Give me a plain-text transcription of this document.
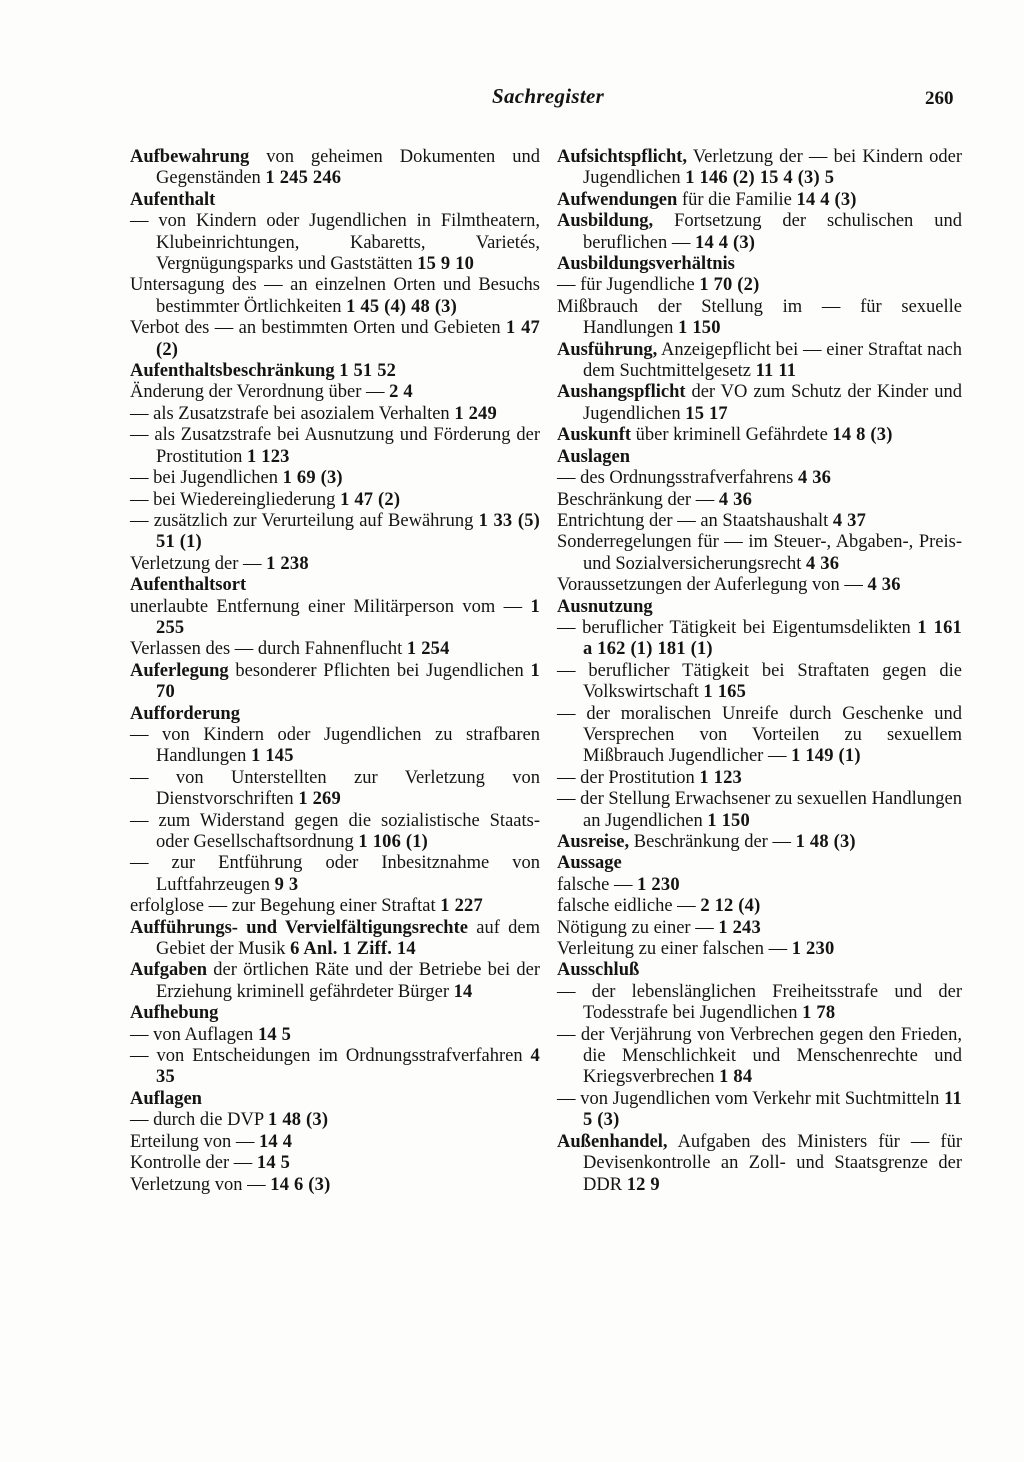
Sachregister	260

Aufbewahrung von geheimen Dokumenten und Gegenständen 1 245 246

Aufenthalt

— von Kindern oder Jugendlichen in Filmtheatern, Klubeinrichtungen, Kabaretts, Varietés, Vergnügungsparks und Gaststätten 15 9 10

Untersagung des — an einzelnen Orten und Besuchs bestimmter Örtlichkeiten 1 45 (4) 48 (3)

Verbot des — an bestimmten Orten und Gebieten 1 47 (2)

Aufenthaltsbeschränkung 1 51 52

Änderung der Verordnung über — 2 4

— als Zusatzstrafe bei asozialem Verhalten 1 249

— als Zusatzstrafe bei Ausnutzung und Förderung der Prostitution 1 123

— bei Jugendlichen 1 69 (3)

— bei Wiedereingliederung 1 47 (2)

— zusätzlich zur Verurteilung auf Bewährung 1 33 (5) 51 (1)

Verletzung der — 1 238

Aufenthaltsort

unerlaubte Entfernung einer Militärperson vom — 1 255

Verlassen des — durch Fahnenflucht 1 254

Auferlegung besonderer Pflichten bei Jugendlichen 1 70

Aufforderung

— von Kindern oder Jugendlichen zu strafbaren Handlungen 1 145

— von Unterstellten zur Verletzung von Dienstvorschriften 1 269

— zum Widerstand gegen die sozialistische Staats- oder Gesellschaftsordnung 1 106 (1)

— zur Entführung oder Inbesitznahme von Luftfahrzeugen 9 3

erfolglose — zur Begehung einer Straftat 1 227

Aufführungs- und Vervielfältigungsrechte auf dem Gebiet der Musik 6 Anl. 1 Ziff. 14

Aufgaben der örtlichen Räte und der Betriebe bei der Erziehung kriminell gefährdeter Bürger 14

Aufhebung

— von Auflagen 14 5

— von Entscheidungen im Ordnungsstrafverfahren 4 35

Auflagen

— durch die DVP 1 48 (3)

Erteilung von — 14 4

Kontrolle der — 14 5

Verletzung von — 14 6 (3)

Aufsichtspflicht, Verletzung der — bei Kindern oder Jugendlichen 1 146 (2) 15 4 (3) 5

Aufwendungen für die Familie 14 4 (3)

Ausbildung, Fortsetzung der schulischen und beruflichen — 14 4 (3)

Ausbildungsverhältnis

— für Jugendliche 1 70 (2)

Mißbrauch der Stellung im — für sexuelle Handlungen 1 150

Ausführung, Anzeigepflicht bei — einer Straftat nach dem Suchtmittelgesetz 11 11

Aushangspflicht der VO zum Schutz der Kinder und Jugendlichen 15 17

Auskunft über kriminell Gefährdete 14 8 (3)

Auslagen

— des Ordnungsstrafverfahrens 4 36

Beschränkung der — 4 36

Entrichtung der — an Staatshaushalt 4 37

Sonderregelungen für — im Steuer-, Abgaben-, Preis- und Sozialversicherungsrecht 4 36

Voraussetzungen der Auferlegung von — 4 36

Ausnutzung

— beruflicher Tätigkeit bei Eigentumsdelikten 1 161 a 162 (1) 181 (1)

— beruflicher Tätigkeit bei Straftaten gegen die Volkswirtschaft 1 165

— der moralischen Unreife durch Geschenke und Versprechen von Vorteilen zu sexuellem Mißbrauch Jugendlicher — 1 149 (1)

— der Prostitution 1 123

— der Stellung Erwachsener zu sexuellen Handlungen an Jugendlichen 1 150

Ausreise, Beschränkung der — 1 48 (3)

Aussage

falsche — 1 230

falsche eidliche — 2 12 (4)

Nötigung zu einer — 1 243

Verleitung zu einer falschen — 1 230

Ausschluß

— der lebenslänglichen Freiheitsstrafe und der Todesstrafe bei Jugendlichen 1 78

— der Verjährung von Verbrechen gegen den Frieden, die Menschlichkeit und Menschenrechte und Kriegsverbrechen 1 84

— von Jugendlichen vom Verkehr mit Suchtmitteln 11 5 (3)

Außenhandel, Aufgaben des Ministers für — für Devisenkontrolle an Zoll- und Staatsgrenze der DDR 12 9
